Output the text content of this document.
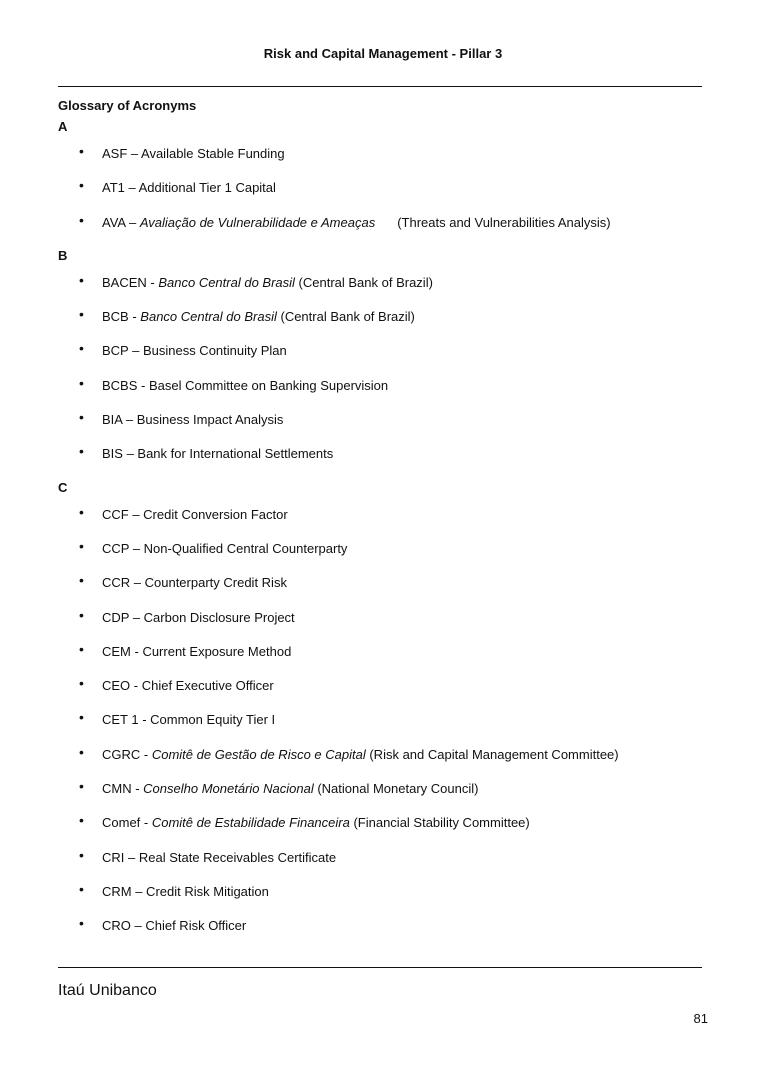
Risk and Capital Management - Pillar 3
Glossary of Acronyms
A
• ASF – Available Stable Funding
• AT1 – Additional Tier 1 Capital
• AVA – Avaliação de Vulnerabilidade e Ameaças (Threats and Vulnerabilities Analysis)
B
• BACEN - Banco Central do Brasil (Central Bank of Brazil)
• BCB - Banco Central do Brasil (Central Bank of Brazil)
• BCP – Business Continuity Plan
• BCBS - Basel Committee on Banking Supervision
• BIA – Business Impact Analysis
• BIS – Bank for International Settlements
C
• CCF – Credit Conversion Factor
• CCP – Non-Qualified Central Counterparty
• CCR – Counterparty Credit Risk
• CDP – Carbon Disclosure Project
• CEM - Current Exposure Method
• CEO - Chief Executive Officer
• CET 1 - Common Equity Tier I
• CGRC - Comitê de Gestão de Risco e Capital (Risk and Capital Management Committee)
• CMN - Conselho Monetário Nacional (National Monetary Council)
• Comef - Comitê de Estabilidade Financeira (Financial Stability Committee)
• CRI – Real State Receivables Certificate
• CRM – Credit Risk Mitigation
• CRO – Chief Risk Officer
Itaú Unibanco
81
